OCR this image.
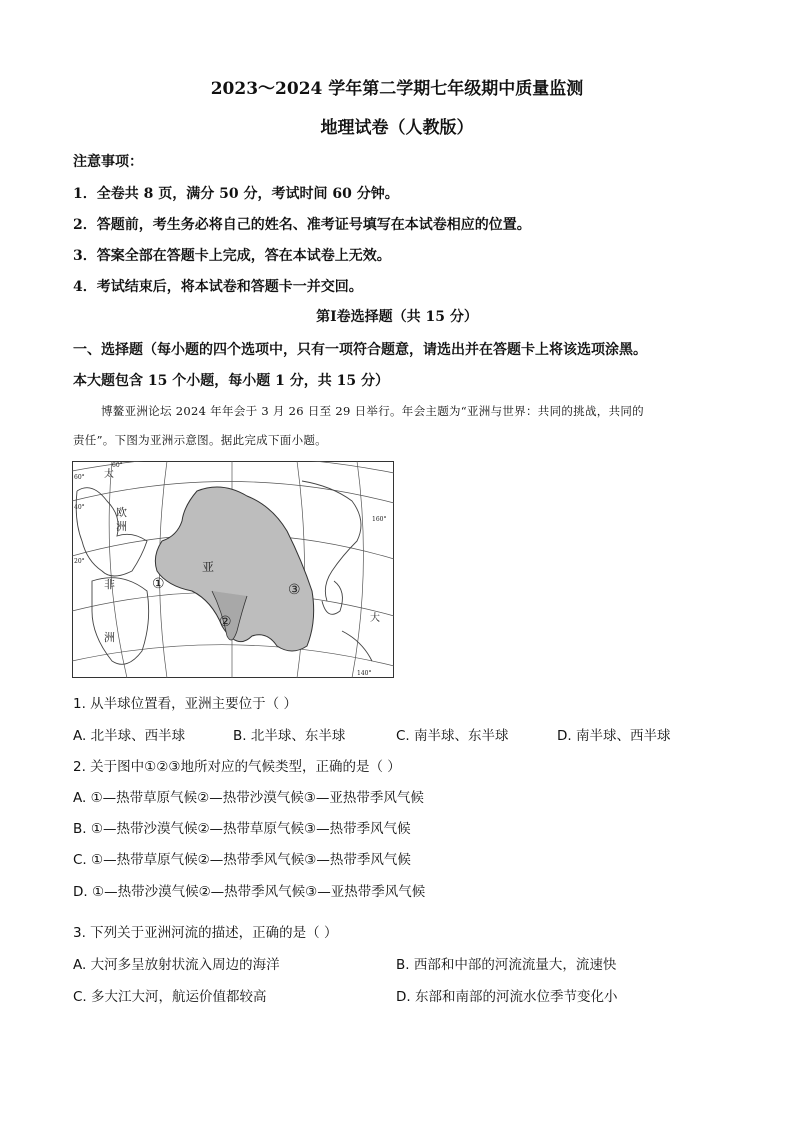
2023～2024 学年第二学期七年级期中质量监测
地理试卷（人教版）
注意事项：
1．全卷共 8 页，满分 50 分，考试时间 60 分钟。
2．答题前，考生务必将自己的姓名、准考证号填写在本试卷相应的位置。
3．答案全部在答题卡上完成，答在本试卷上无效。
4．考试结束后，将本试卷和答题卡一并交回。
第Ⅰ卷选择题（共 15 分）
一、选择题（每小题的四个选项中，只有一项符合题意，请选出并在答题卡上将该选项涂黑。
本大题包含 15 个小题，每小题 1 分，共 15 分）
博鳌亚洲论坛 2024 年年会于 3 月 26 日至 29 日举行。年会主题为“亚洲与世界：共同的挑战，共同的
责任”。下图为亚洲示意图。据此完成下面小题。
太
欧
洲
亚
非
洲
大
①
②
③
20°
40°
60°
60°
160°
140°
1. 从半球位置看，亚洲主要位于（ ）
A. 北半球、西半球	B. 北半球、东半球	C. 南半球、东半球	D. 南半球、西半球
2. 关于图中①②③地所对应的气候类型，正确的是（ ）
A. ①—热带草原气候②—热带沙漠气候③—亚热带季风气候
B. ①—热带沙漠气候②—热带草原气候③—热带季风气候
C. ①—热带草原气候②—热带季风气候③—热带季风气候
D. ①—热带沙漠气候②—热带季风气候③—亚热带季风气候
3. 下列关于亚洲河流的描述，正确的是（ ）
A. 大河多呈放射状流入周边的海洋	B. 西部和中部的河流流量大，流速快
C. 多大江大河，航运价值都较高	D. 东部和南部的河流水位季节变化小
